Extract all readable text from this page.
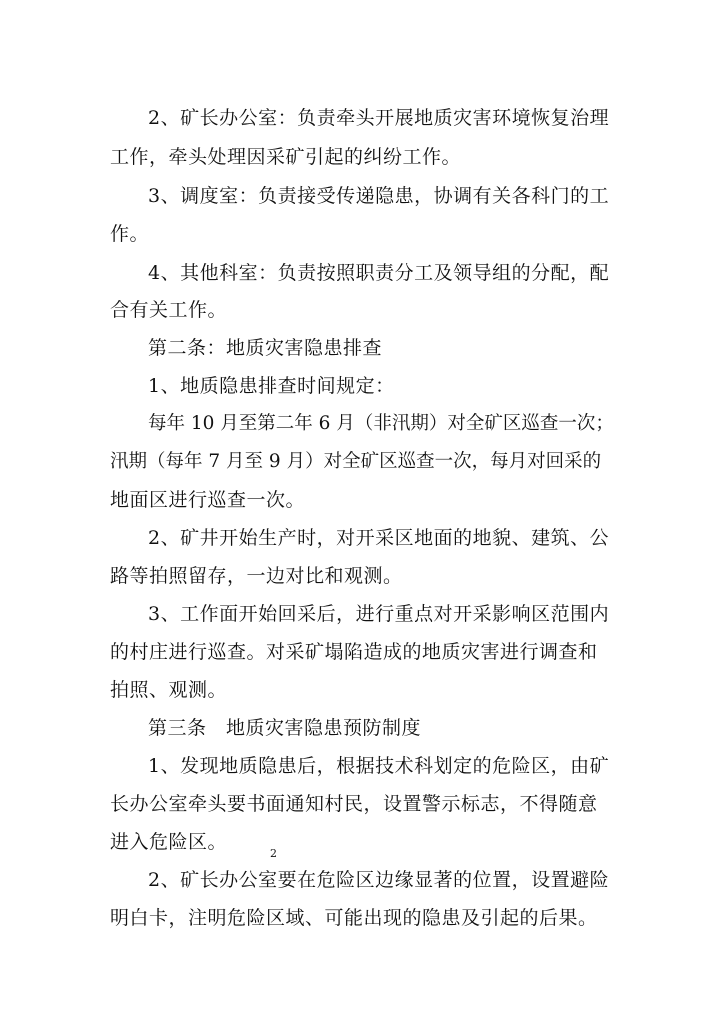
2、矿长办公室：负责牵头开展地质灾害环境恢复治理
工作，牵头处理因采矿引起的纠纷工作。
3、调度室：负责接受传递隐患，协调有关各科门的工
作。
4、其他科室：负责按照职责分工及领导组的分配，配
合有关工作。
第二条：地质灾害隐患排查
1、地质隐患排查时间规定：
每年 10 月至第二年 6 月（非汛期）对全矿区巡查一次；
汛期（每年 7 月至 9 月）对全矿区巡查一次，每月对回采的
地面区进行巡查一次。
2、矿井开始生产时，对开采区地面的地貌、建筑、公
路等拍照留存，一边对比和观测。
3、工作面开始回采后，进行重点对开采影响区范围内
的村庄进行巡查。对采矿塌陷造成的地质灾害进行调查和
拍照、观测。
第三条　地质灾害隐患预防制度
1、发现地质隐患后，根据技术科划定的危险区，由矿
长办公室牵头要书面通知村民，设置警示标志，不得随意
进入危险区。
2
2、矿长办公室要在危险区边缘显著的位置，设置避险
明白卡，注明危险区域、可能出现的隐患及引起的后果。
